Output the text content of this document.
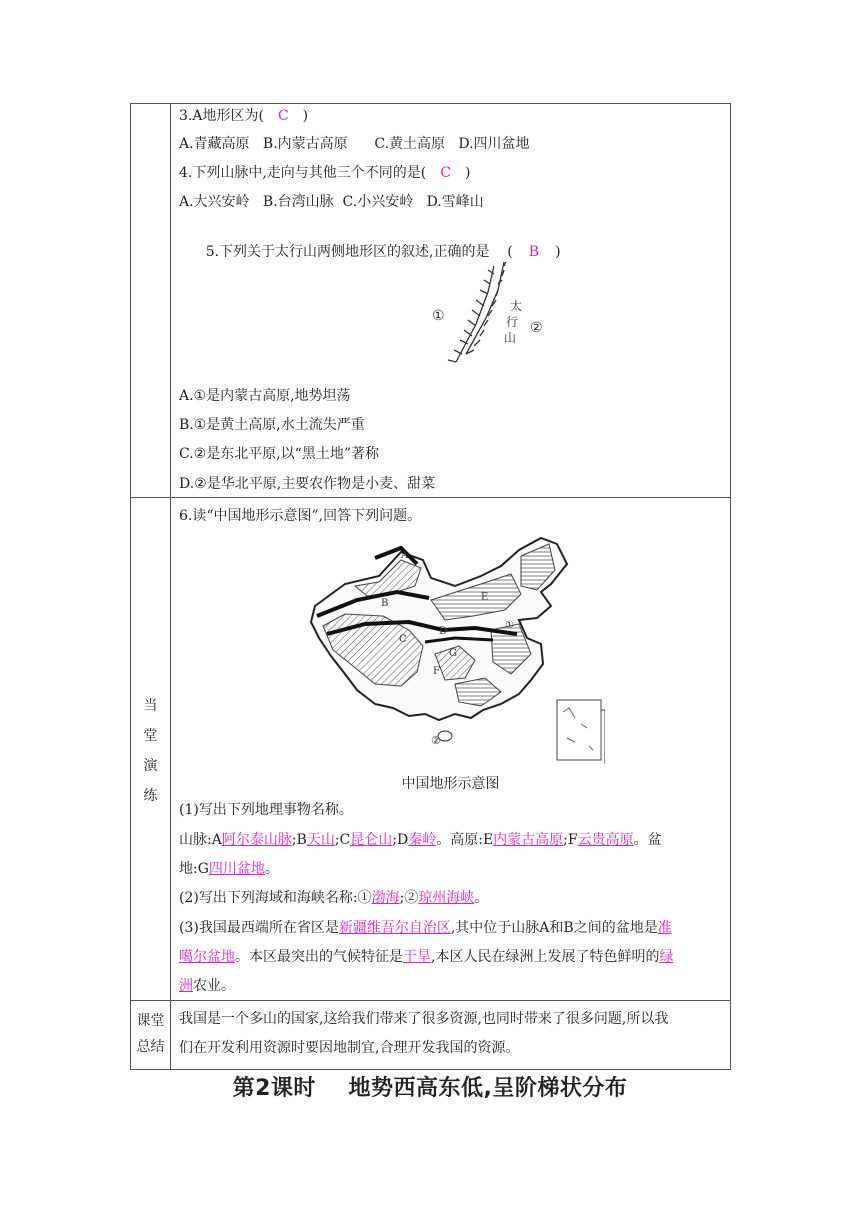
3.A地形区为( C )
A.青藏高原   B.内蒙古高原      C.黄土高原   D.四川盆地
4.下列山脉中,走向与其他三个不同的是( C )
A.大兴安岭   B.台湾山脉  C.小兴安岭   D.雪峰山

5.下列关于太行山两侧地形区的叙述,正确的是    ( B )

①
太
行
山
②
A.①是内蒙古高原,地势坦荡
B.①是黄土高原,水土流失严重
C.②是东北平原,以“黑土地”著称
D.②是华北平原,主要农作物是小麦、甜菜
当
堂
演
练
6.读“中国地形示意图”,回答下列问题。
A
B
C
D
E
F
G
①
②
中国地形示意图
(1)写出下列地理事物名称。
山脉:A阿尔泰山脉;B天山;C昆仑山;D秦岭。高原:E内蒙古高原;F云贵高原。盆
地:G四川盆地。
(2)写出下列海域和海峡名称:①渤海;②琼州海峡。
(3)我国最西端所在省区是新疆维吾尔自治区,其中位于山脉A和B之间的盆地是准
噶尔盆地。本区最突出的气候特征是干旱,本区人民在绿洲上发展了特色鲜明的绿
洲农业。
课堂
总结
我国是一个多山的国家,这给我们带来了很多资源,也同时带来了很多问题,所以我
们在开发利用资源时要因地制宜,合理开发我国的资源。
第2课时    地势西高东低,呈阶梯状分布
